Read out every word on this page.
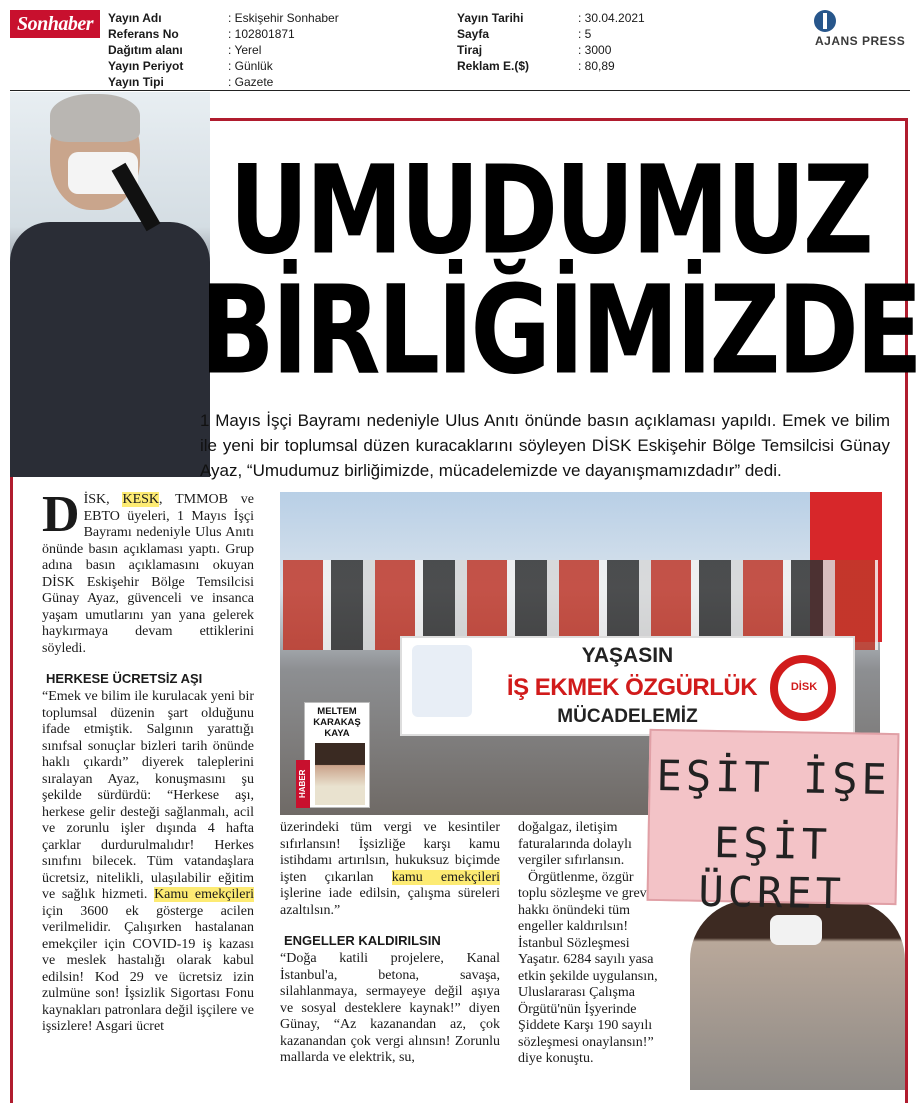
Sonhaber	Yayın Adı
Referans No
Dağıtım alanı
Yayın Periyot
Yayın Tipi
: Eskişehir Sonhaber
: 102801871
: Yerel
: Günlük
: Gazete
Yayın Tarihi
Sayfa
Tiraj
Reklam E.($)
: 30.04.2021
: 5
: 3000
: 80,89
AJANS PRESS
UMUDUMUZ
BİRLİĞİMİZDE
1 Mayıs İşçi Bayramı nedeniyle Ulus Anıtı önünde basın açıklaması yapıldı. Emek ve bilim ile yeni bir toplumsal düzen kuracaklarını söyleyen DİSK Eskişehir Bölge Temsilcisi Günay Ayaz, “Umudumuz birliğimizde, mücadelemizde ve dayanışmamızdadır” dedi.
YAŞASIN
İŞ EKMEK ÖZGÜRLÜK
MÜCADELEMİZ
DİSK
EŞİT İŞE
EŞİT ÜCRET
MELTEM KARAKAŞ KAYA
HABER

DİSK, KESK, TMMOB ve EBTO üyeleri, 1 Mayıs İşçi Bayramı nedeniyle Ulus Anıtı önünde basın açıklaması yaptı. Grup adına basın açıklamasını okuyan DİSK Eskişehir Bölge Temsilcisi Günay Ayaz, güvenceli ve insanca yaşam umutlarını yan yana gelerek haykırmaya devam ettiklerini söyledi.

HERKESE ÜCRETSİZ AŞI

“Emek ve bilim ile kurulacak yeni bir toplumsal düzenin şart olduğunu ifade etmiştik. Salgının yarattığı sınıfsal sonuçlar bizleri tarih önünde haklı çıkardı” diyerek taleplerini sıralayan Ayaz, konuşmasını şu şekilde sürdürdü: “Herkese aşı, herkese gelir desteği sağlanmalı, acil ve zorunlu işler dışında 4 hafta çarklar durdurulmalıdır! Herkes sınıfını bilecek. Tüm vatandaşlara ücretsiz, nitelikli, ulaşılabilir eğitim ve sağlık hizmeti. Kamu emekçileri için 3600 ek gösterge acilen verilmelidir. Çalışırken hastalanan emekçiler için COVID-19 iş kazası ve meslek hastalığı olarak kabul edilsin! Kod 29 ve ücretsiz izin zulmüne son! İşsizlik Sigortası Fonu kaynakları patronlara değil işçilere ve işsizlere! Asgari ücret

üzerindeki tüm vergi ve kesintiler sıfırlansın! İşsizliğe karşı kamu istihdamı artırılsın, hukuksuz biçimde işten çıkarılan kamu emekçileri işlerine iade edilsin, çalışma süreleri azaltılsın.”

ENGELLER KALDIRILSIN

“Doğa katili projelere, Kanal İstanbul'a, betona, savaşa, silahlanmaya, sermayeye değil aşıya ve sosyal desteklere kaynak!” diyen Günay, “Az kazanandan az, çok kazanandan çok vergi alınsın! Zorunlu mallarda ve elektrik, su,

doğalgaz, iletişim faturalarında dolaylı vergiler sıfırlansın.

Örgütlenme, özgür toplu sözleşme ve grev hakkı önündeki tüm engeller kaldırılsın! İstanbul Sözleşmesi Yaşatır. 6284 sayılı yasa etkin şekilde uygulansın, Uluslararası Çalışma Örgütü'nün İşyerinde Şiddete Karşı 190 sayılı sözleşmesi onaylansın!” diye konuştu.
